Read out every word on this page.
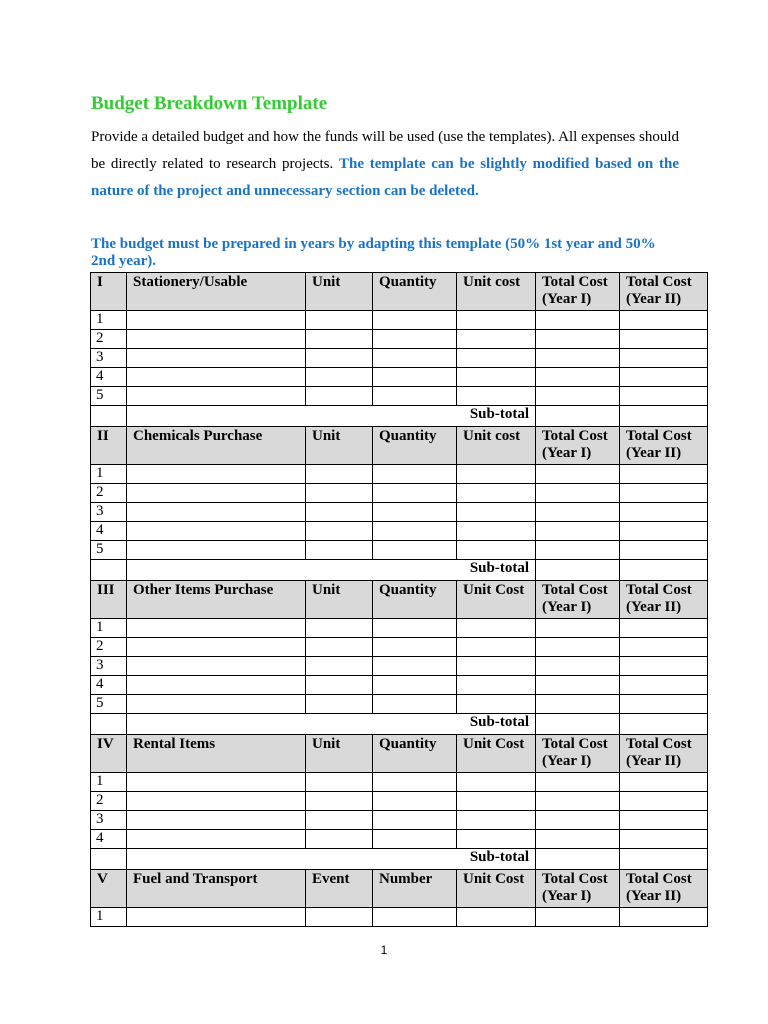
Budget Breakdown Template

Provide a detailed budget and how the funds will be used (use the templates). All expenses should be directly related to research projects. The template can be slightly modified based on the nature of the project and unnecessary section can be deleted.

The budget must be prepared in years by adapting this template (50% 1st year and 50% 2nd year).

I	Stationery/Usable	Unit	Quantity	Unit cost	Total Cost (Year I)	Total Cost (Year II)
1						
2						
3						
4						
5						
	Sub-total					
II	Chemicals Purchase	Unit	Quantity	Unit cost	Total Cost (Year I)	Total Cost (Year II)
1						
2						
3						
4						
5						
	Sub-total					
III	Other Items Purchase	Unit	Quantity	Unit Cost	Total Cost (Year I)	Total Cost (Year II)
1						
2						
3						
4						
5						
	Sub-total					
IV	Rental Items	Unit	Quantity	Unit Cost	Total Cost (Year I)	Total Cost (Year II)
1						
2						
3						
4						
	Sub-total					
V	Fuel and Transport	Event	Number	Unit Cost	Total Cost (Year I)	Total Cost (Year II)
1						
1
